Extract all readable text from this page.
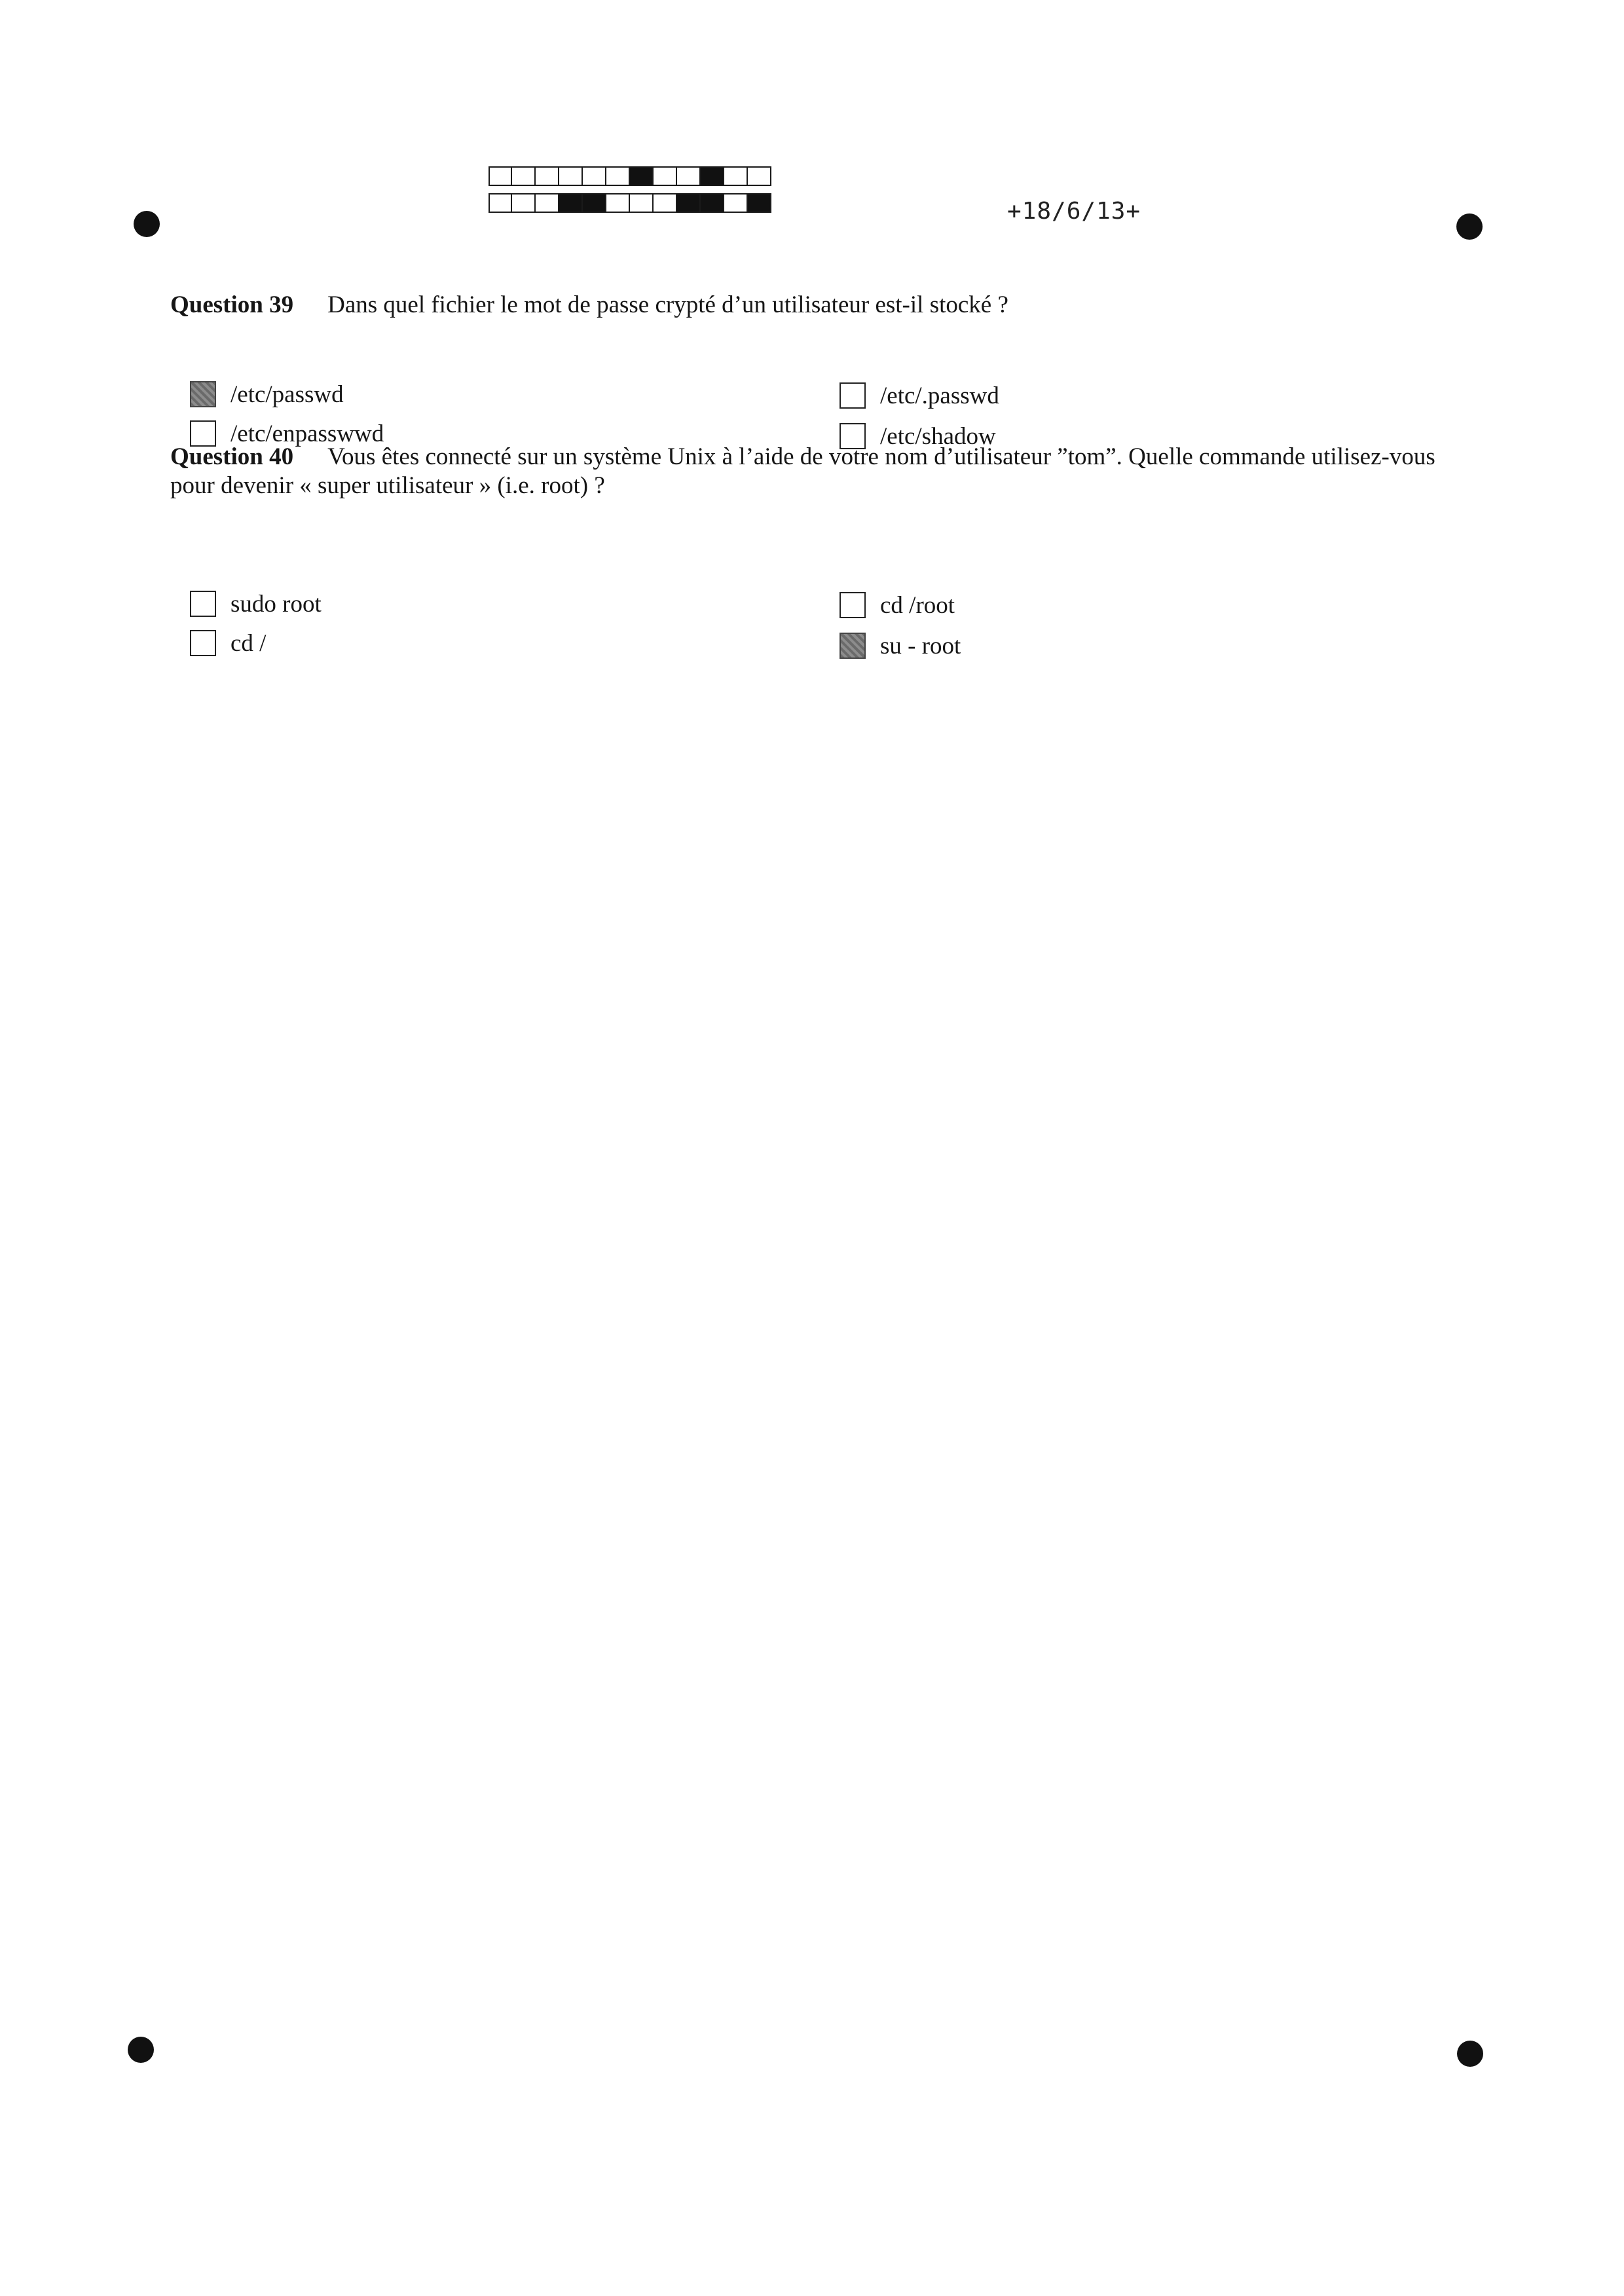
+18/6/13+
Question 39 Dans quel fichier le mot de passe crypté d’un utilisateur est-il stocké ?
/etc/passwd
/etc/enpasswwd
/etc/.passwd
/etc/shadow
Question 40 Vous êtes connecté sur un système Unix à l’aide de votre nom d’utilisateur ”tom”. Quelle commande utilisez-vous pour devenir « super utilisateur » (i.e. root) ?
sudo root
cd /
cd /root
su - root
